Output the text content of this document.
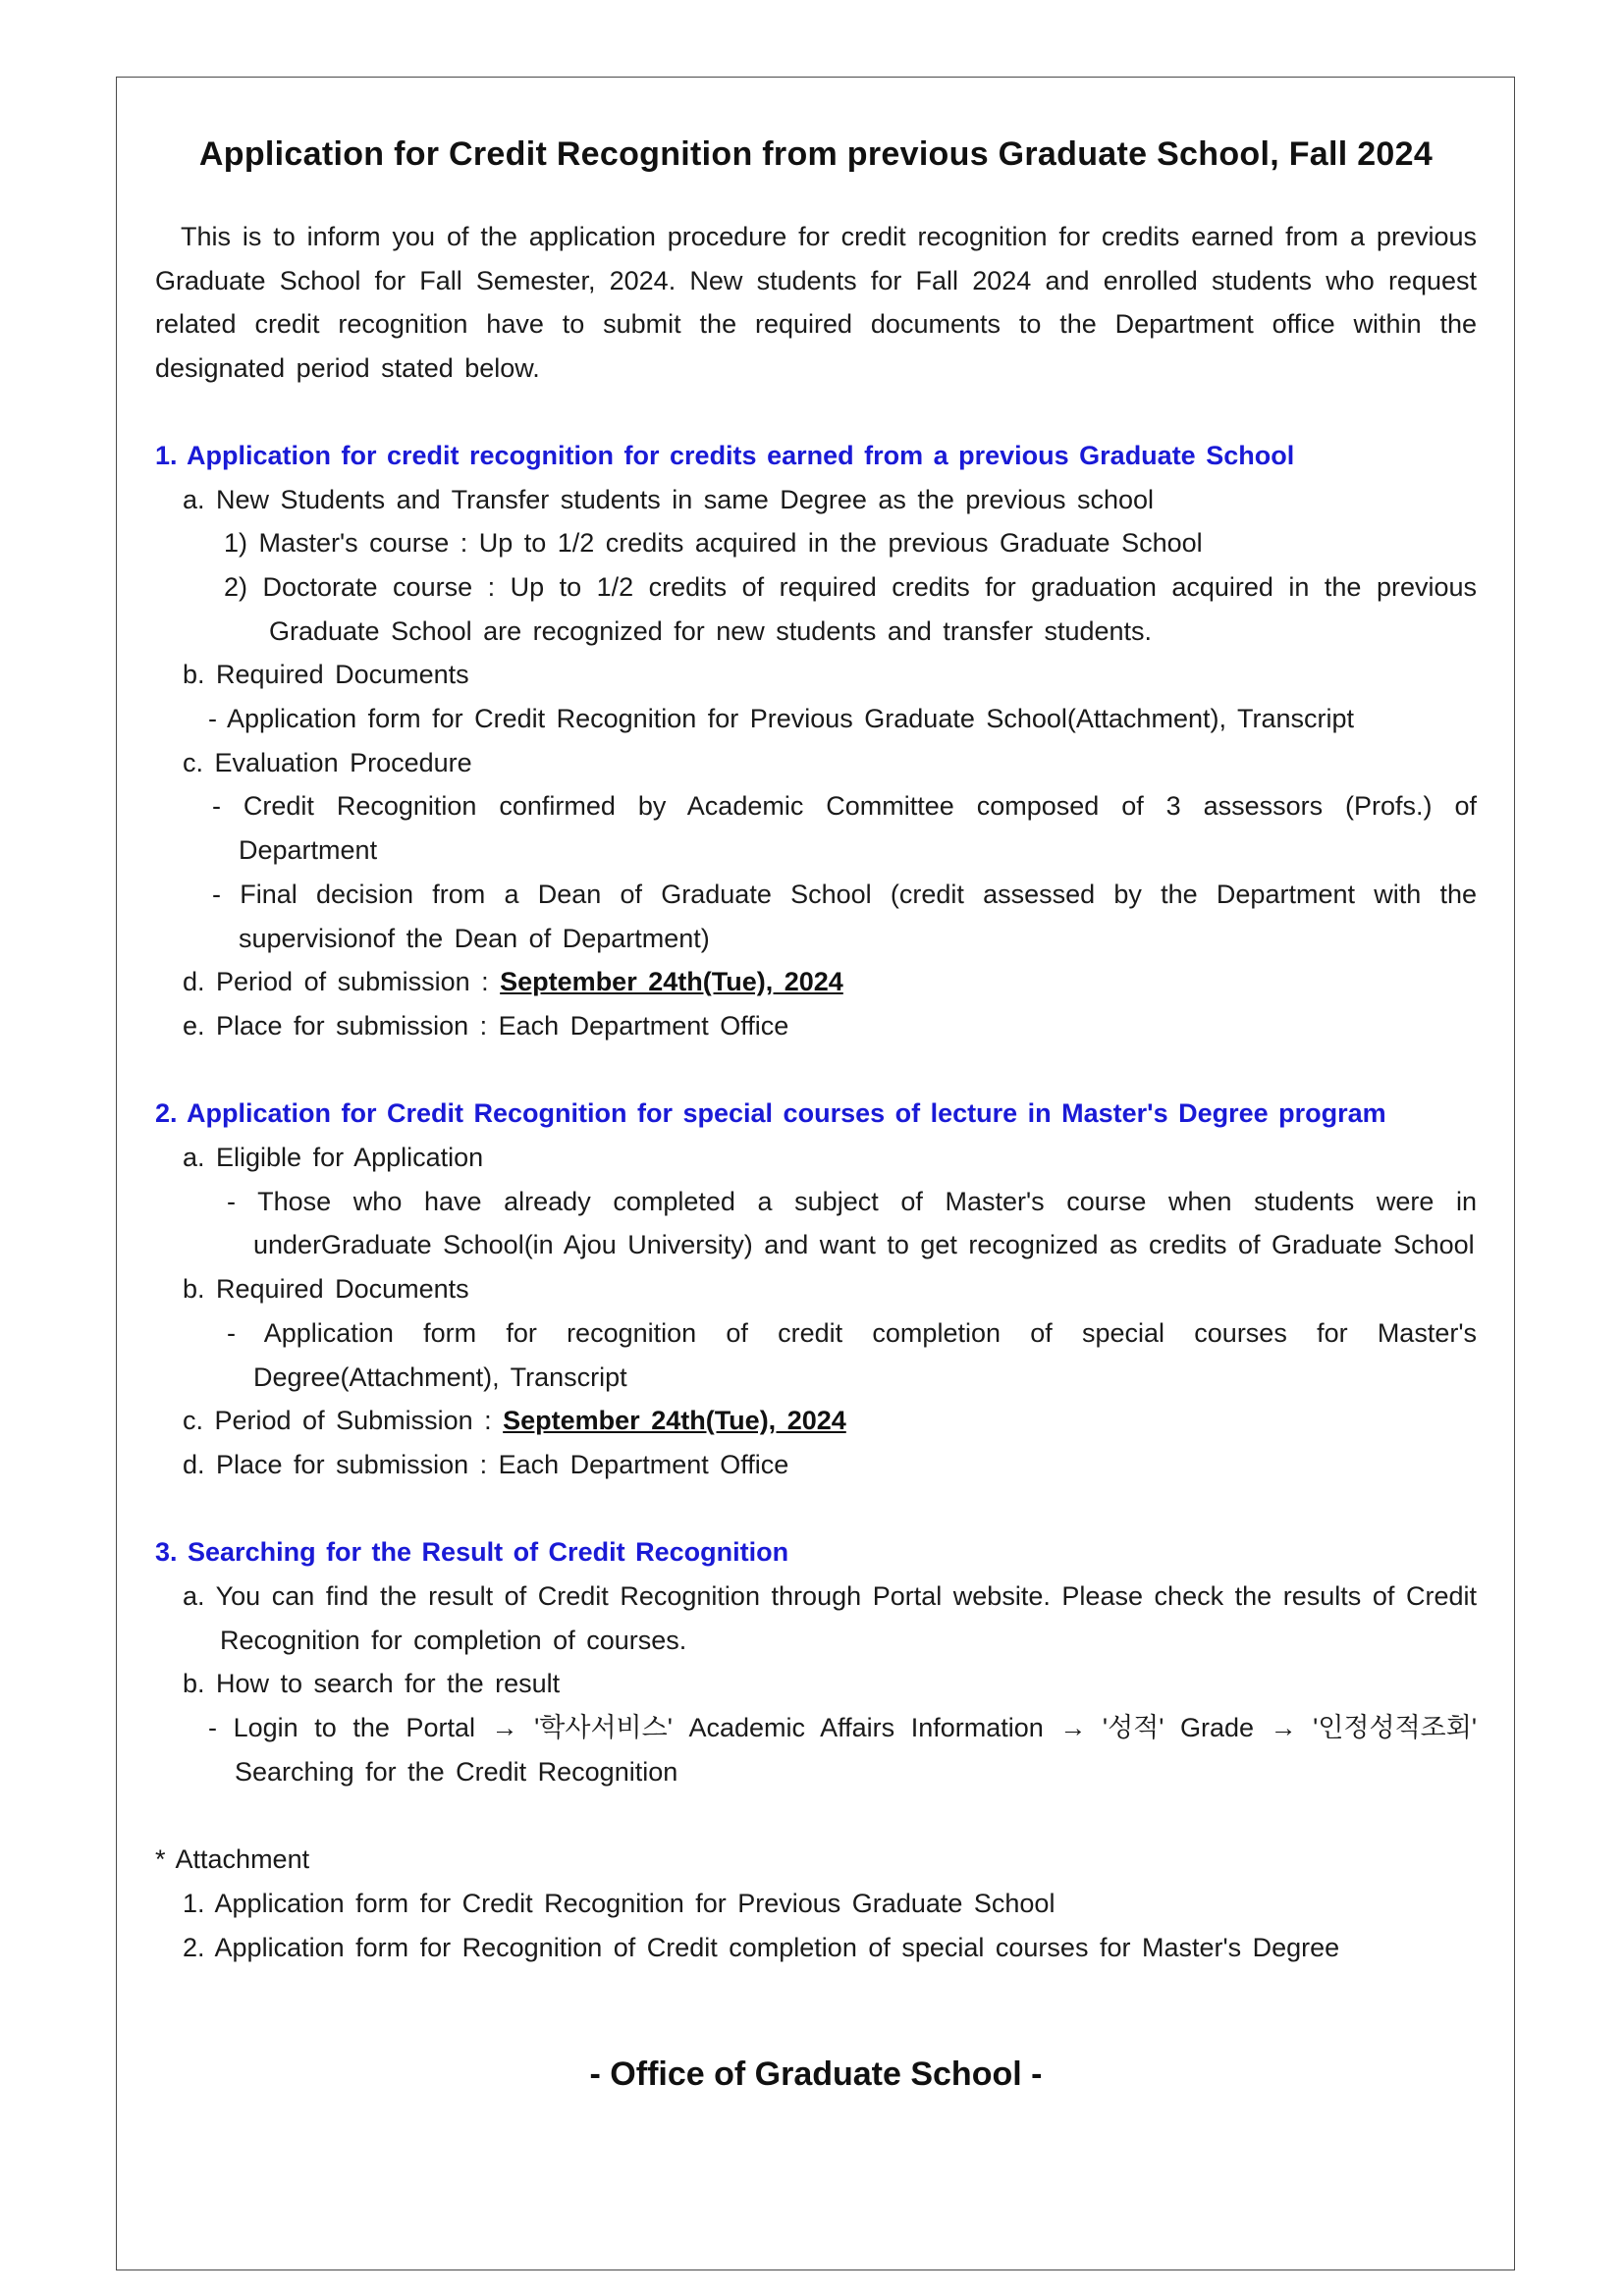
Application for Credit Recognition from previous Graduate School, Fall 2024
This is to inform you of the application procedure for credit recognition for credits earned from a previous Graduate School for Fall Semester, 2024. New students for Fall 2024 and enrolled students who request related credit recognition have to submit the required documents to the Department office within the designated period stated below.
1. Application for credit recognition for credits earned from a previous Graduate School
a. New Students and Transfer students in same Degree as the previous school
1) Master's course : Up to 1/2 credits acquired in the previous Graduate School
2) Doctorate course : Up to 1/2 credits of required credits for graduation acquired in the previous Graduate School are recognized for new students and transfer students.
b. Required Documents
- Application form for Credit Recognition for Previous Graduate School(Attachment), Transcript
c. Evaluation Procedure
- Credit Recognition confirmed by Academic Committee composed of 3 assessors (Profs.) of Department
- Final decision from a Dean of Graduate School (credit assessed by the Department with the supervisionof the Dean of Department)
d. Period of submission : September 24th(Tue), 2024
e. Place for submission : Each Department Office
2. Application for Credit Recognition for special courses of lecture in Master's Degree program
a. Eligible for Application
- Those who have already completed a subject of Master's course when students were in underGraduate School(in Ajou University) and want to get recognized as credits of Graduate School
b. Required Documents
- Application form for recognition of credit completion of special courses for Master's Degree(Attachment), Transcript
c. Period of Submission : September 24th(Tue), 2024
d. Place for submission : Each Department Office
3. Searching for the Result of Credit Recognition
a. You can find the result of Credit Recognition through Portal website. Please check the results of Credit Recognition for completion of courses.
b. How to search for the result
- Login to the Portal → '학사서비스' Academic Affairs Information → '성적' Grade → '인정성적조회' Searching for the Credit Recognition
* Attachment
1. Application form for Credit Recognition for Previous Graduate School
2. Application form for Recognition of Credit completion of special courses for Master's Degree
- Office of Graduate School -
